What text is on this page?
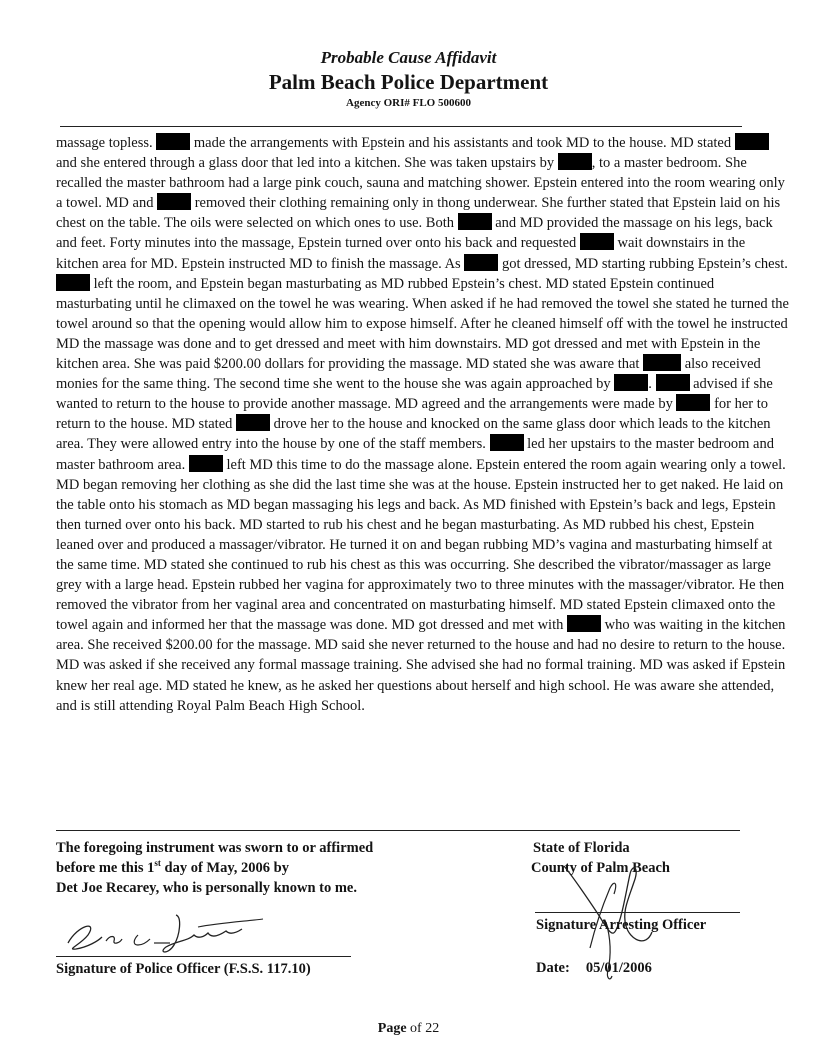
Probable Cause Affidavit
Palm Beach Police Department
Agency ORI# FLO 500600
massage topless.	made the arrangements with Epstein and his assistants and took MD to the house. MD stated  and she entered through a glass door that led into a kitchen. She was taken upstairs by	, to a master bedroom. She recalled the master bathroom had a large pink couch, sauna and matching shower. Epstein entered into the room wearing only a towel. MD and	removed their clothing remaining only in thong underwear. She further stated that Epstein laid on his chest on the table. The oils were selected on which ones to use. Both	and MD provided the massage on his legs, back and feet. Forty minutes into the massage, Epstein turned over onto his back and requested	wait downstairs in the kitchen area for MD. Epstein instructed MD to finish the massage. As	got dressed, MD starting rubbing Epstein’s chest.  left the room, and Epstein began masturbating as MD rubbed Epstein’s chest. MD stated Epstein continued masturbating until he climaxed on the towel he was wearing. When asked if he had removed the towel she stated he turned the towel around so that the opening would allow him to expose himself. After he cleaned himself off with the towel he instructed MD the massage was done and to get dressed and meet with him downstairs. MD got dressed and met with Epstein in the kitchen area. She was paid $200.00 dollars for providing the massage. MD stated she was aware that	also received monies for the same thing. The second time she went to the house she was again approached by	.	advised if she wanted to return to the house to provide another massage. MD agreed and the arrangements were made by	for her to return to the house. MD stated	drove her to the house and knocked on the same glass door which leads to the kitchen area. They were allowed entry into the house by one of the staff members.	led her upstairs to the master bedroom and master bathroom area.	left MD this time to do the massage alone. Epstein entered the room again wearing only a towel. MD began removing her clothing as she did the last time she was at the house. Epstein instructed her to get naked. He laid on the table onto his stomach as MD began massaging his legs and back. As MD finished with Epstein’s back and legs, Epstein then turned over onto his back. MD started to rub his chest and he began masturbating. As MD rubbed his chest, Epstein leaned over and produced a massager/vibrator. He turned it on and began rubbing MD’s vagina and masturbating himself at the same time. MD stated she continued to rub his chest as this was occurring. She described the vibrator/massager as large grey with a large head. Epstein rubbed her vagina for approximately two to three minutes with the massager/vibrator. He then removed the vibrator from her vaginal area and concentrated on masturbating himself. MD stated Epstein climaxed onto the towel again and informed her that the massage was done. MD got dressed and met with	who was waiting in the kitchen area. She received $200.00 for the massage. MD said she never returned to the house and had no desire to return to the house. MD was asked if she received any formal massage training. She advised she had no formal training. MD was asked if Epstein knew her real age. MD stated he knew, as he asked her questions about herself and high school. He was aware she attended, and is still attending Royal Palm Beach High School.
The foregoing instrument was sworn to or affirmed
before me this 1st day of May, 2006 by
Det Joe Recarey, who is personally known to me.
State of Florida
County of Palm Beach
Signature of Police Officer (F.S.S. 117.10)
Signature Arresting Officer
Date: 05/01/2006
Page of 22
